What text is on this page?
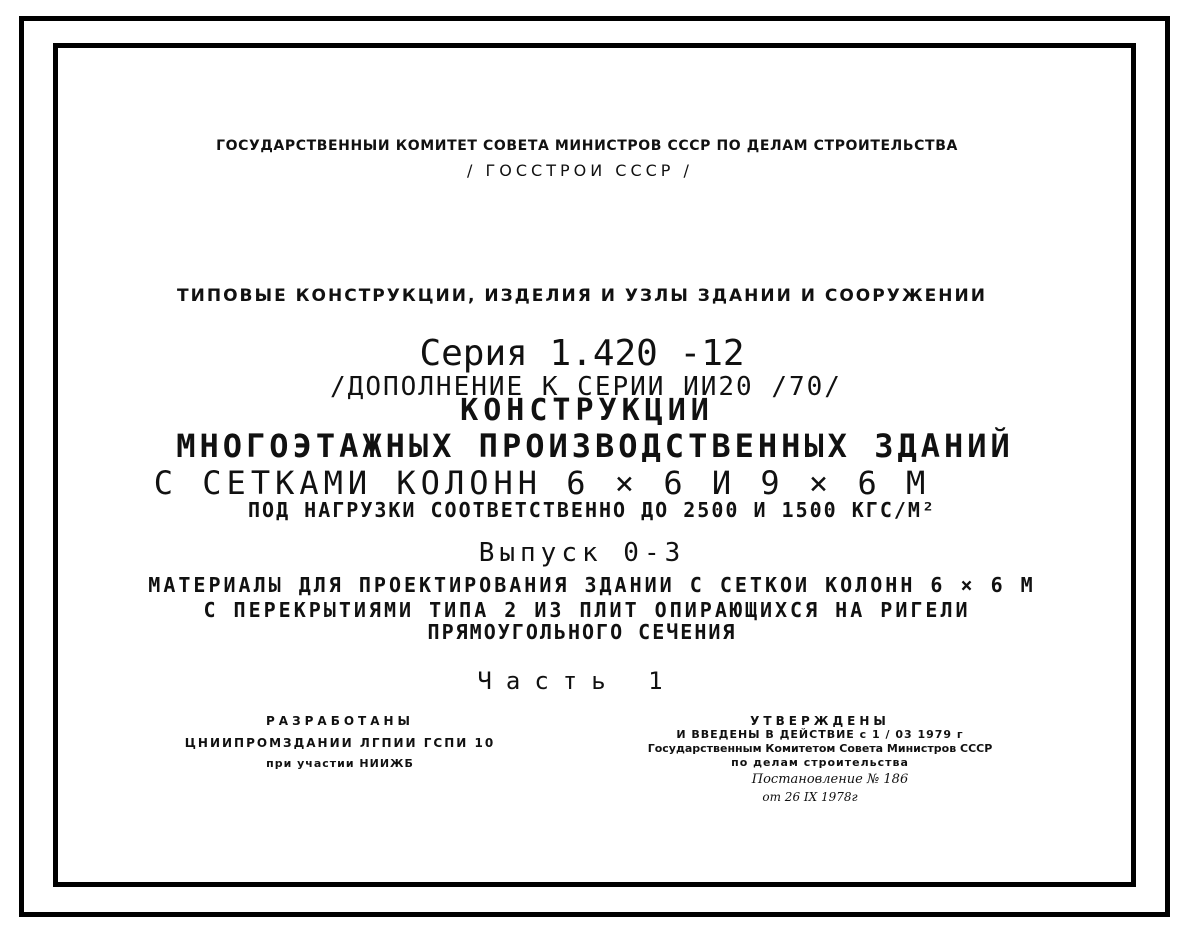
ГОСУДАРСТВЕННЫИ КОМИТЕТ СОВЕТА МИНИСТРОВ СССР ПО ДЕЛАМ СТРОИТЕЛЬСТВА
/ ГОССТРОИ СССР /
ТИПОВЫЕ КОНСТРУКЦИИ, ИЗДЕЛИЯ И УЗЛЫ ЗДАНИИ И СООРУЖЕНИИ
Серия 1.420 -12
/ДОПОЛНЕНИЕ К СЕРИИ ИИ20 /70/
КОНСТРУКЦИИ
МНОГОЭТАЖНЫХ ПРОИЗВОДСТВЕННЫХ ЗДАНИЙ
С СЕТКАМИ КОЛОНН 6 × 6 И 9 × 6 М
ПОД НАГРУЗКИ СООТВЕТСТВЕННО ДО 2500 И 1500 КГС/М²
Выпуск 0-3
МАТЕРИАЛЫ ДЛЯ ПРОЕКТИРОВАНИЯ ЗДАНИИ С СЕТКОИ КОЛОНН 6 × 6 М
С ПЕРЕКРЫТИЯМИ ТИПА 2 ИЗ ПЛИТ ОПИРАЮЩИХСЯ НА РИГЕЛИ
ПРЯМОУГОЛЬНОГО СЕЧЕНИЯ
Часть 1
РАЗРАБОТАНЫ
ЦНИИПРОМЗДАНИИ ЛГПИИ ГСПИ 10
при участии НИИЖБ
УТВЕРЖДЕНЫ
И ВВЕДЕНЫ В ДЕЙСТВИЕ с 1 / 03 1979 г
Государственным Комитетом Совета Министров СССР
по делам строительства
Постановление № 186
от 26 IX 1978г
